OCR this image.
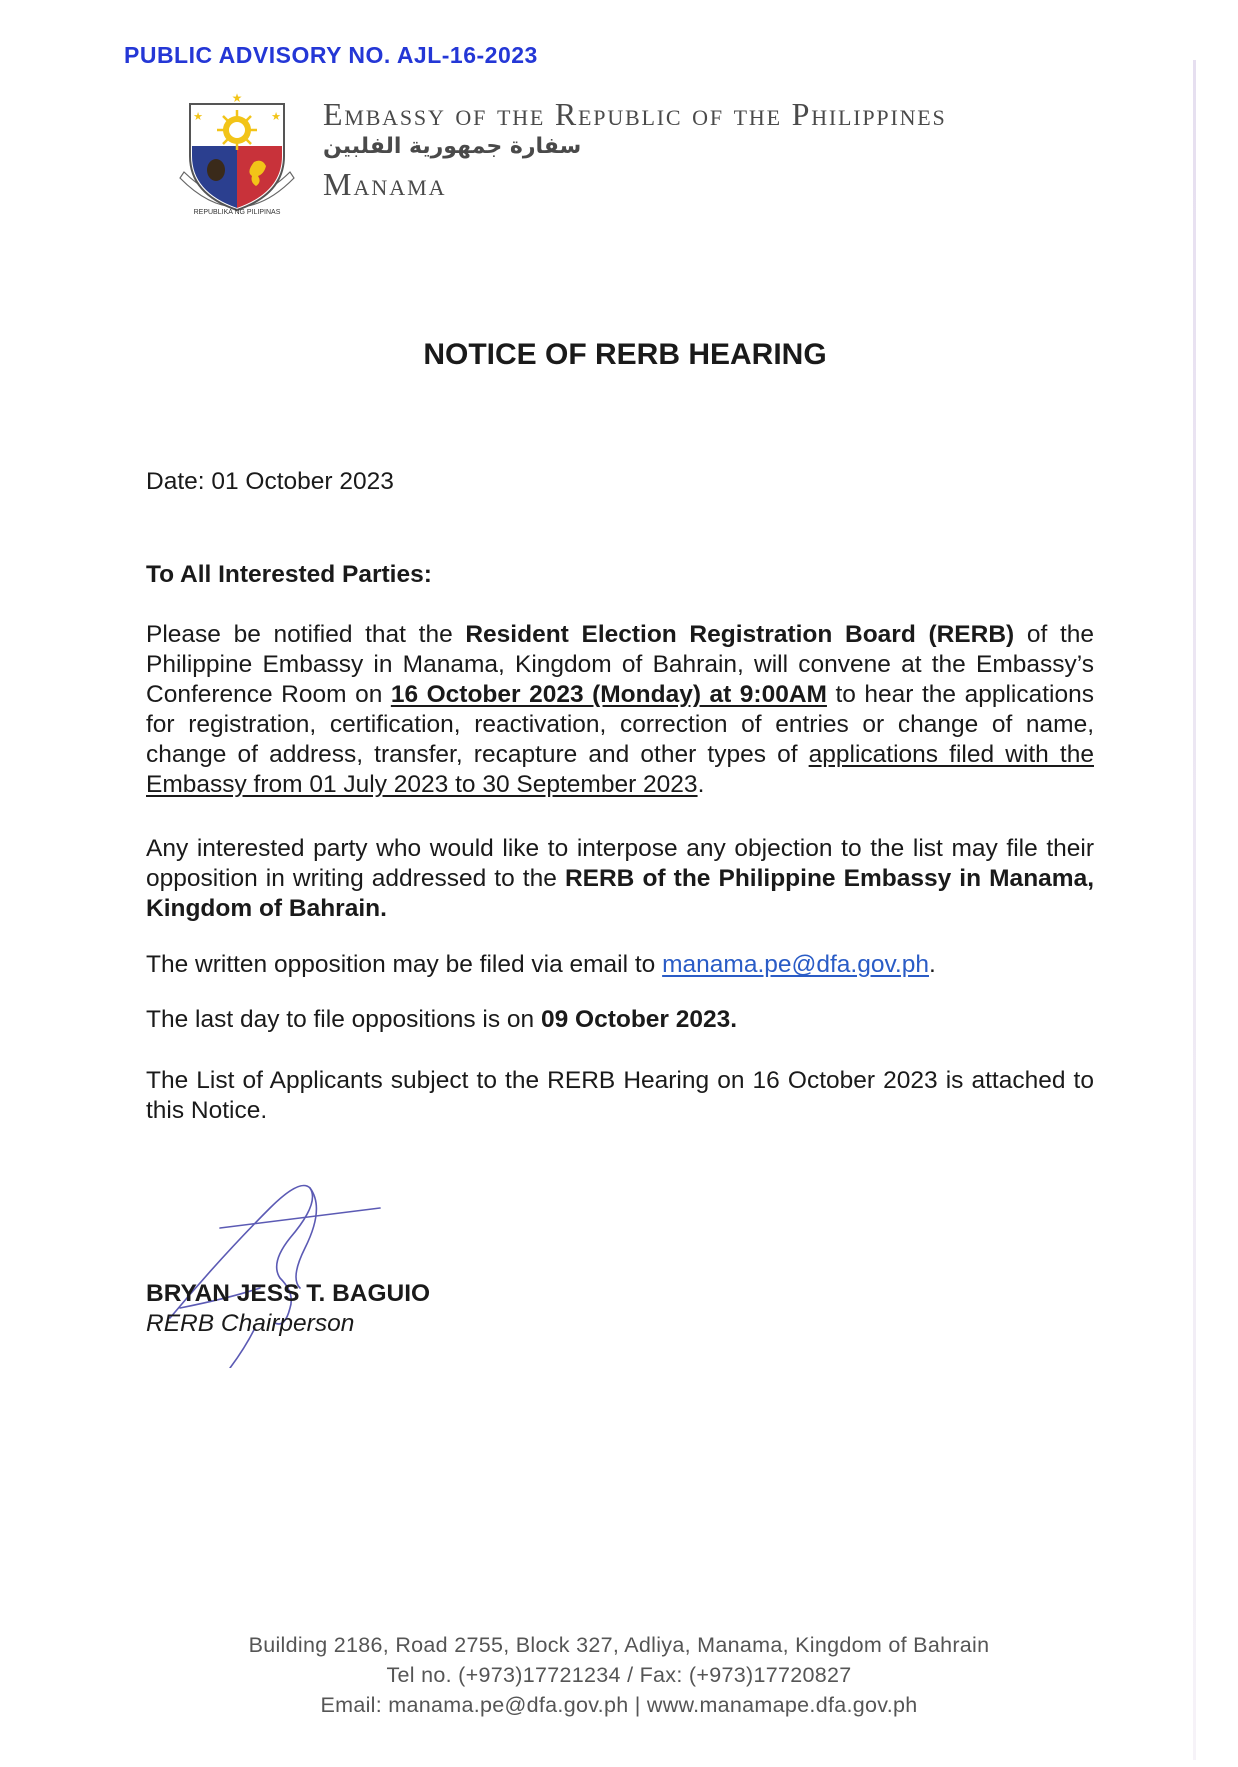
PUBLIC ADVISORY NO. AJL-16-2023
★
★	★
REPUBLIKA NG PILIPINAS
Embassy of the Republic of the Philippines
سفارة جمهورية الفلبين
Manama
NOTICE OF RERB HEARING
Date: 01 October 2023
To All Interested Parties:

Please be notified that the Resident Election Registration Board (RERB) of the Philippine Embassy in Manama, Kingdom of Bahrain, will convene at the Embassy’s Conference Room on 16 October 2023 (Monday) at 9:00AM to hear the applications for registration, certification, reactivation, correction of entries or change of name, change of address, transfer, recapture and other types of applications filed with the Embassy from 01 July 2023 to 30 September 2023.

Any interested party who would like to interpose any objection to the list may file their opposition in writing addressed to the RERB of the Philippine Embassy in Manama, Kingdom of Bahrain.

The written opposition may be filed via email to manama.pe@dfa.gov.ph.

The last day to file oppositions is on 09 October 2023.

The List of Applicants subject to the RERB Hearing on 16 October 2023 is attached to this Notice.

BRYAN JESS T. BAGUIO
RERB Chairperson
Building 2186, Road 2755, Block 327, Adliya, Manama, Kingdom of Bahrain
Tel no. (+973)17721234 / Fax: (+973)17720827
Email: manama.pe@dfa.gov.ph | www.manamape.dfa.gov.ph
